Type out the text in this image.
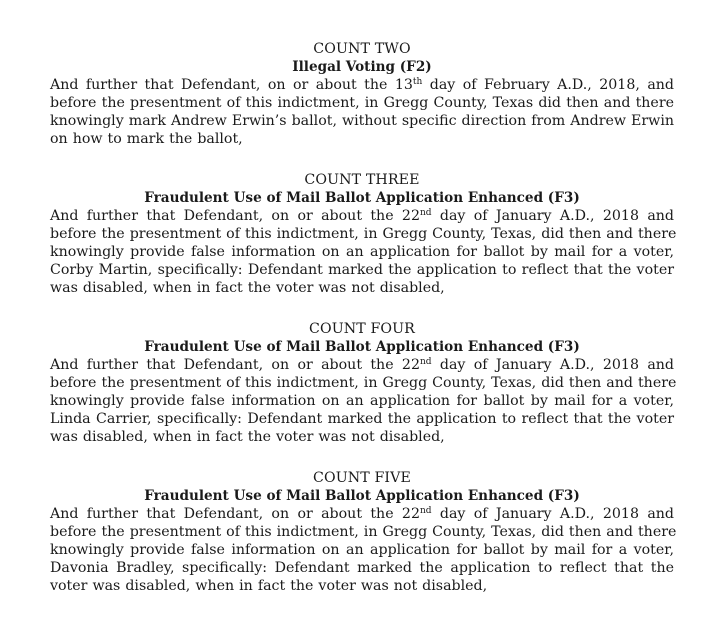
COUNT TWO
Illegal Voting (F2)
And further that Defendant, on or about the 13th day of February A.D., 2018, and
before the presentment of this indictment, in Gregg County, Texas did then and there
knowingly mark Andrew Erwin’s ballot, without specific direction from Andrew Erwin
on how to mark the ballot,
COUNT THREE
Fraudulent Use of Mail Ballot Application Enhanced (F3)
And further that Defendant, on or about the 22nd day of January A.D., 2018 and
before the presentment of this indictment, in Gregg County, Texas, did then and there
knowingly provide false information on an application for ballot by mail for a voter,
Corby Martin, specifically: Defendant marked the application to reflect that the voter
was disabled, when in fact the voter was not disabled,
COUNT FOUR
Fraudulent Use of Mail Ballot Application Enhanced (F3)
And further that Defendant, on or about the 22nd day of January A.D., 2018 and
before the presentment of this indictment, in Gregg County, Texas, did then and there
knowingly provide false information on an application for ballot by mail for a voter,
Linda Carrier, specifically: Defendant marked the application to reflect that the voter
was disabled, when in fact the voter was not disabled,
COUNT FIVE
Fraudulent Use of Mail Ballot Application Enhanced (F3)
And further that Defendant, on or about the 22nd day of January A.D., 2018 and
before the presentment of this indictment, in Gregg County, Texas, did then and there
knowingly provide false information on an application for ballot by mail for a voter,
Davonia Bradley, specifically: Defendant marked the application to reflect that the
voter was disabled, when in fact the voter was not disabled,
